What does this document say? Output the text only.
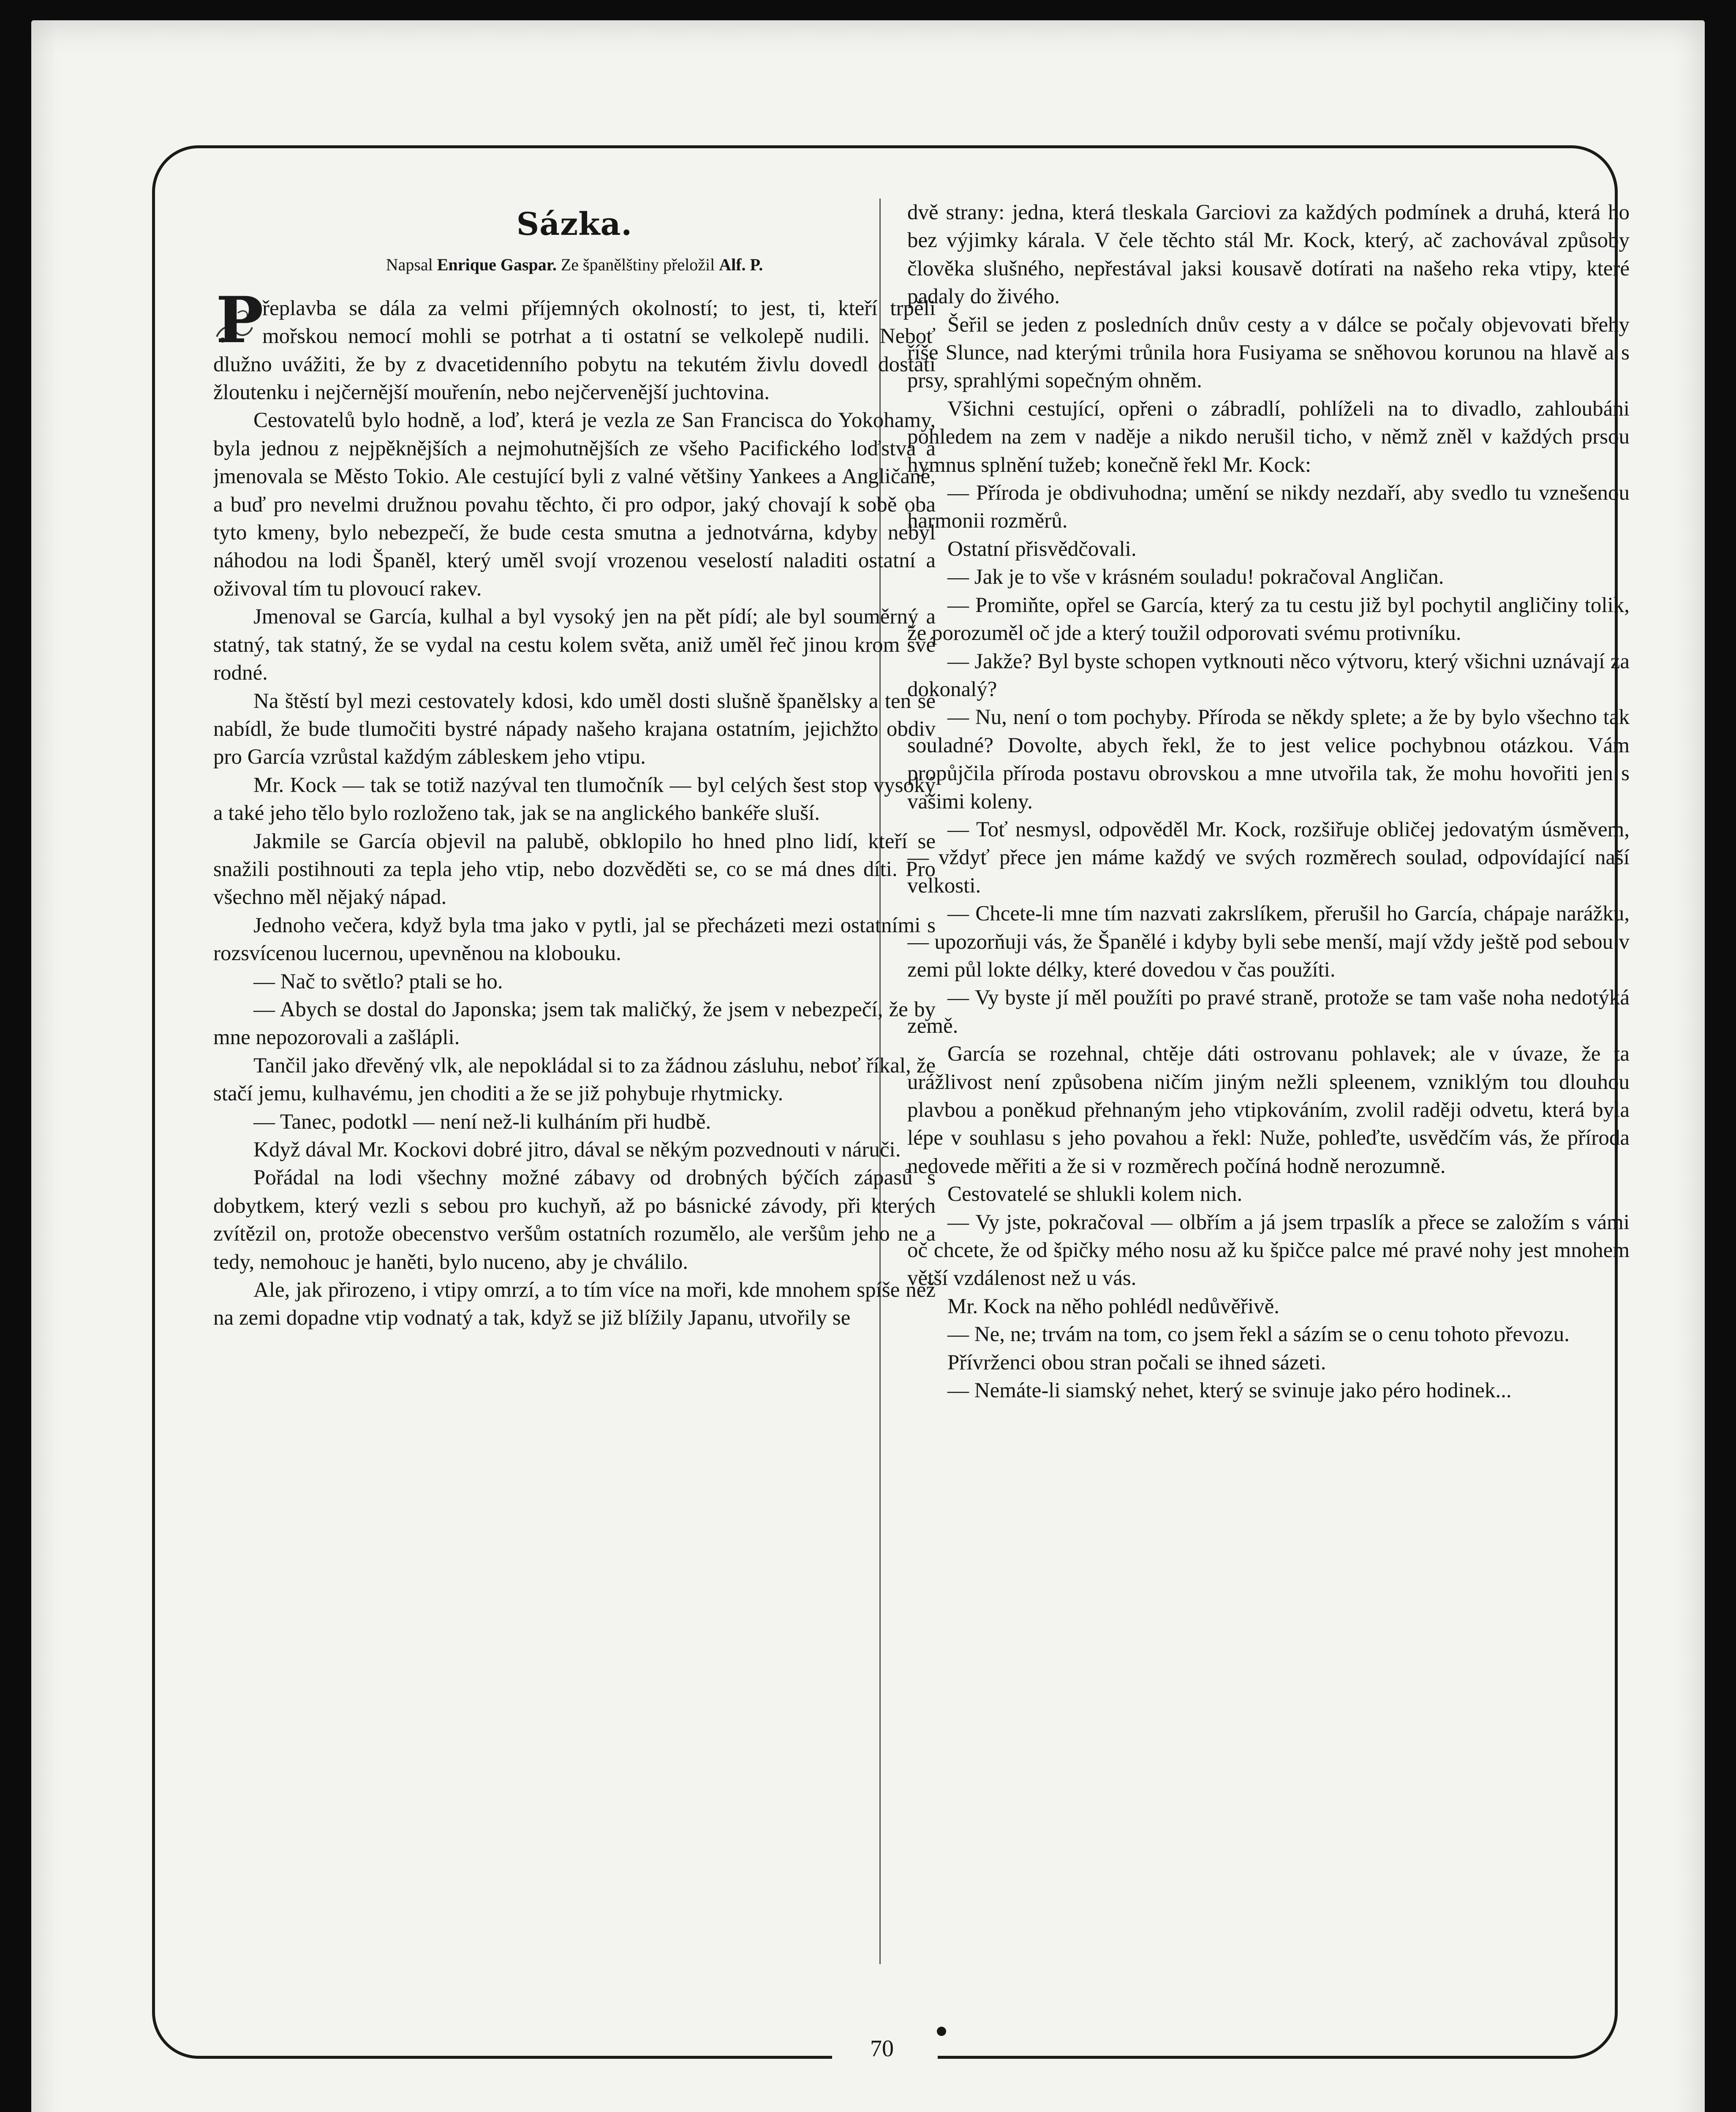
Sázka.
Napsal Enrique Gaspar. Ze španělštiny přeložil Alf. P.

P
řeplavba se dála za velmi příjemných okolností; to jest, ti, kteří trpěli mořskou nemocí mohli se potrhat a ti ostatní se velkolepě nudili. Neboť dlužno uvážiti, že by z dvacetidenního pobytu na tekutém živlu dovedl dostati žloutenku i nejčernější mouřenín, nebo nejčervenější juchtovina.

Cestovatelů bylo hodně, a loď, která je vezla ze San Francisca do Yokohamy, byla jednou z nejpěknějších a nejmohutnějších ze všeho Pacifického loďstva a jmenovala se Město Tokio. Ale cestující byli z valné většiny Yankees a Angličané, a buď pro nevelmi družnou povahu těchto, či pro odpor, jaký chovají k sobě oba tyto kmeny, bylo nebezpečí, že bude cesta smutna a jednotvárna, kdyby nebyl náhodou na lodi Španěl, který uměl svojí vrozenou veselostí naladiti ostatní a oživoval tím tu plovoucí rakev.

Jmenoval se García, kulhal a byl vysoký jen na pět pídí; ale byl souměrný a statný, tak statný, že se vydal na cestu kolem světa, aniž uměl řeč jinou krom své rodné.

Na štěstí byl mezi cestovately kdosi, kdo uměl dosti slušně španělsky a ten se nabídl, že bude tlumočiti bystré nápady našeho krajana ostatním, jejichžto obdiv pro García vzrůstal každým zábleskem jeho vtipu.

Mr. Kock — tak se totiž nazýval ten tlumočník — byl celých šest stop vysoký a také jeho tělo bylo rozloženo tak, jak se na anglického bankéře sluší.

Jakmile se García objevil na palubě, obklopilo ho hned plno lidí, kteří se snažili postihnouti za tepla jeho vtip, nebo dozvěděti se, co se má dnes díti. Pro všechno měl nějaký nápad.

Jednoho večera, když byla tma jako v pytli, jal se přecházeti mezi ostatními s rozsvícenou lucernou, upevněnou na klobouku.

— Nač to světlo? ptali se ho.

— Abych se dostal do Japonska; jsem tak maličký, že jsem v nebezpečí, že by mne nepozorovali a zašlápli.

Tančil jako dřevěný vlk, ale nepokládal si to za žádnou zásluhu, neboť říkal, že stačí jemu, kulhavému, jen choditi a že se již pohybuje rhytmicky.

— Tanec, podotkl — není než-li kulháním při hudbě.

Když dával Mr. Kockovi dobré jitro, dával se někým pozvednouti v náruči.

Pořádal na lodi všechny možné zábavy od drobných býčích zápasů s dobytkem, který vezli s sebou pro kuchyň, až po básnické závody, při kterých zvítězil on, protože obecenstvo veršům ostatních rozumělo, ale veršům jeho ne a tedy, nemohouc je haněti, bylo nuceno, aby je chválilo.

Ale, jak přirozeno, i vtipy omrzí, a to tím více na moři, kde mnohem spíše než na zemi dopadne vtip vodnatý a tak, když se již blížily Japanu, utvořily se

dvě strany: jedna, která tleskala Garciovi za každých podmínek a druhá, která ho bez výjimky kárala. V čele těchto stál Mr. Kock, který, ač zachovával způsoby člověka slušného, nepřestával jaksi kousavě dotírati na našeho reka vtipy, které padaly do živého.

Šeřil se jeden z posledních dnův cesty a v dálce se počaly objevovati břehy říše Slunce, nad kterými trůnila hora Fusiyama se sněhovou korunou na hlavě a s prsy, sprahlými sopečným ohněm.

Všichni cestující, opřeni o zábradlí, pohlíželi na to divadlo, zahloubáni pohledem na zem v naděje a nikdo nerušil ticho, v němž zněl v každých prsou hymnus splnění tužeb; konečně řekl Mr. Kock:

— Příroda je obdivuhodna; umění se nikdy nezdaří, aby svedlo tu vznešenou harmonii rozměrů.

Ostatní přisvědčovali.

— Jak je to vše v krásném souladu! pokračoval Angličan.

— Promiňte, opřel se García, který za tu cestu již byl pochytil angličiny tolik, že porozuměl oč jde a který toužil odporovati svému protivníku.

— Jakže? Byl byste schopen vytknouti něco výtvoru, který všichni uznávají za dokonalý?

— Nu, není o tom pochyby. Příroda se někdy splete; a že by bylo všechno tak souladné? Dovolte, abych řekl, že to jest velice pochybnou otázkou. Vám propůjčila příroda postavu obrovskou a mne utvořila tak, že mohu hovořiti jen s vašimi koleny.

— Toť nesmysl, odpověděl Mr. Kock, rozšiřuje obličej jedovatým úsměvem, — vždyť přece jen máme každý ve svých rozměrech soulad, odpovídající naší velkosti.

— Chcete-li mne tím nazvati zakrslíkem, přerušil ho García, chápaje narážku, — upozorňuji vás, že Španělé i kdyby byli sebe menší, mají vždy ještě pod sebou v zemi půl lokte délky, které dovedou v čas použíti.

— Vy byste jí měl použíti po pravé straně, protože se tam vaše noha nedotýká země.

García se rozehnal, chtěje dáti ostrovanu pohlavek; ale v úvaze, že ta urážlivost není způsobena ničím jiným nežli spleenem, vzniklým tou dlouhou plavbou a poněkud přehnaným jeho vtipkováním, zvolil raději odvetu, která byla lépe v souhlasu s jeho povahou a řekl: Nuže, pohleďte, usvědčím vás, že příroda nedovede měřiti a že si v rozměrech počíná hodně nerozumně.

Cestovatelé se shlukli kolem nich.

— Vy jste, pokračoval — olbřím a já jsem trpaslík a přece se založím s vámi oč chcete, že od špičky mého nosu až ku špičce palce mé pravé nohy jest mnohem větší vzdálenost než u vás.

Mr. Kock na něho pohlédl nedůvěřivě.

— Ne, ne; trvám na tom, co jsem řekl a sázím se o cenu tohoto převozu.

Přívrženci obou stran počali se ihned sázeti.

— Nemáte-li siamský nehet, který se svinuje jako péro hodinek...

70
